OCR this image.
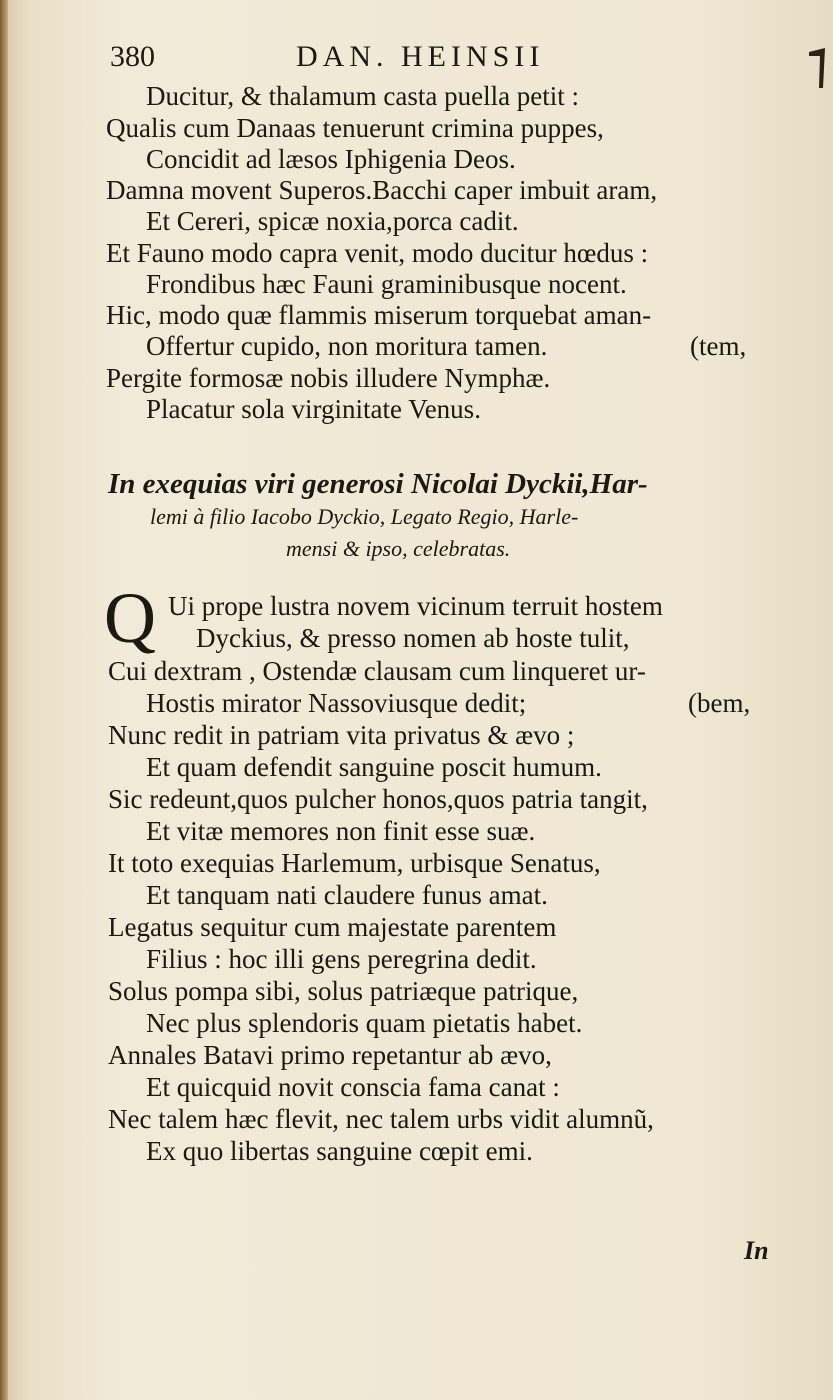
380	DAN. HEINSII
Ducitur, & thalamum casta puella petit :
Qualis cum Danaas tenuerunt crimina puppes,
Concidit ad læsos Iphigenia Deos.
Damna movent Superos.Bacchi caper imbuit aram,
Et Cereri, spicæ noxia,porca cadit.
Et Fauno modo capra venit, modo ducitur hœdus :
Frondibus hæc Fauni graminibusque nocent.
Hic, modo quæ flammis miserum torquebat aman-
Offertur cupido, non moritura tamen.	(tem,
Pergite formosæ nobis illudere Nymphæ.
Placatur sola virginitate Venus.
In exequias viri generosi Nicolai Dyckii,Har-
lemi à filio Iacobo Dyckio, Legato Regio, Harle-
mensi & ipso, celebratas.
Q Ui prope lustra novem vicinum terruit hostem
Dyckius, & presso nomen ab hoste tulit,
Cui dextram , Ostendæ clausam cum linqueret ur-
Hostis mirator Nassoviusque dedit;	(bem,
Nunc redit in patriam vita privatus & ævo ;
Et quam defendit sanguine poscit humum.
Sic redeunt,quos pulcher honos,quos patria tangit,
Et vitæ memores non finit esse suæ.
It toto exequias Harlemum, urbisque Senatus,
Et tanquam nati claudere funus amat.
Legatus sequitur cum majestate parentem
Filius : hoc illi gens peregrina dedit.
Solus pompa sibi, solus patriæque patrique,
Nec plus splendoris quam pietatis habet.
Annales Batavi primo repetantur ab ævo,
Et quicquid novit conscia fama canat :
Nec talem hæc flevit, nec talem urbs vidit alumnũ,
Ex quo libertas sanguine cœpit emi.
In
